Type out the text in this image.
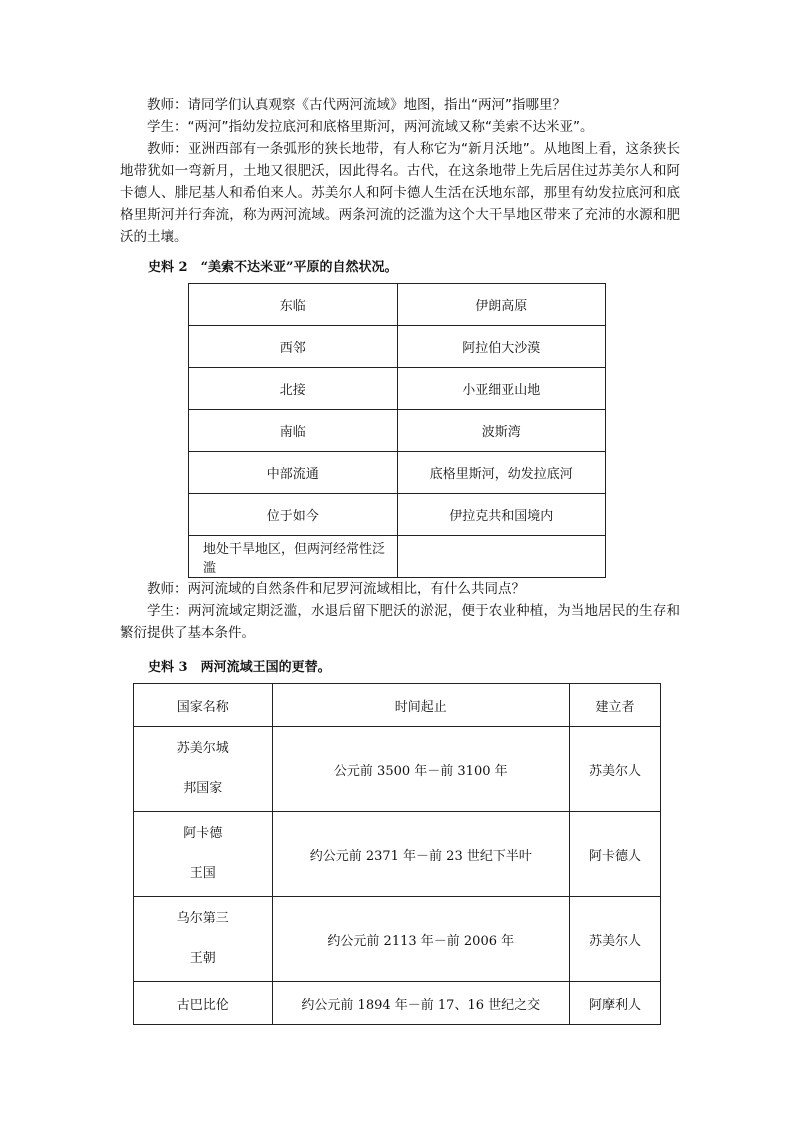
教师：请同学们认真观察《古代两河流域》地图，指出“两河”指哪里？

学生：“两河”指幼发拉底河和底格里斯河，两河流域又称“美索不达米亚”。

教师：亚洲西部有一条弧形的狭长地带，有人称它为“新月沃地”。从地图上看，这条狭长地带犹如一弯新月，土地又很肥沃，因此得名。古代，在这条地带上先后居住过苏美尔人和阿卡德人、腓尼基人和希伯来人。苏美尔人和阿卡德人生活在沃地东部，那里有幼发拉底河和底格里斯河并行奔流，称为两河流域。两条河流的泛滥为这个大干旱地区带来了充沛的水源和肥沃的土壤。

史料 2　“美索不达米亚”平原的自然状况。
东临	伊朗高原
西邻	阿拉伯大沙漠
北接	小亚细亚山地
南临	波斯湾
中部流通	底格里斯河，幼发拉底河
位于如今	伊拉克共和国境内
地处干旱地区，但两河经常性泛滥	

教师：两河流域的自然条件和尼罗河流域相比，有什么共同点？

学生：两河流域定期泛滥，水退后留下肥沃的淤泥，便于农业种植，为当地居民的生存和繁衍提供了基本条件。

史料 3　两河流域王国的更替。
国家名称	时间起止	建立者

苏美尔城
邦国家	公元前 3500 年－前 3100 年	苏美尔人

阿卡德
王国	约公元前 2371 年－前 23 世纪下半叶	阿卡德人

乌尔第三
王朝	约公元前 2113 年－前 2006 年	苏美尔人
古巴比伦	约公元前 1894 年－前 17、16 世纪之交	阿摩利人
